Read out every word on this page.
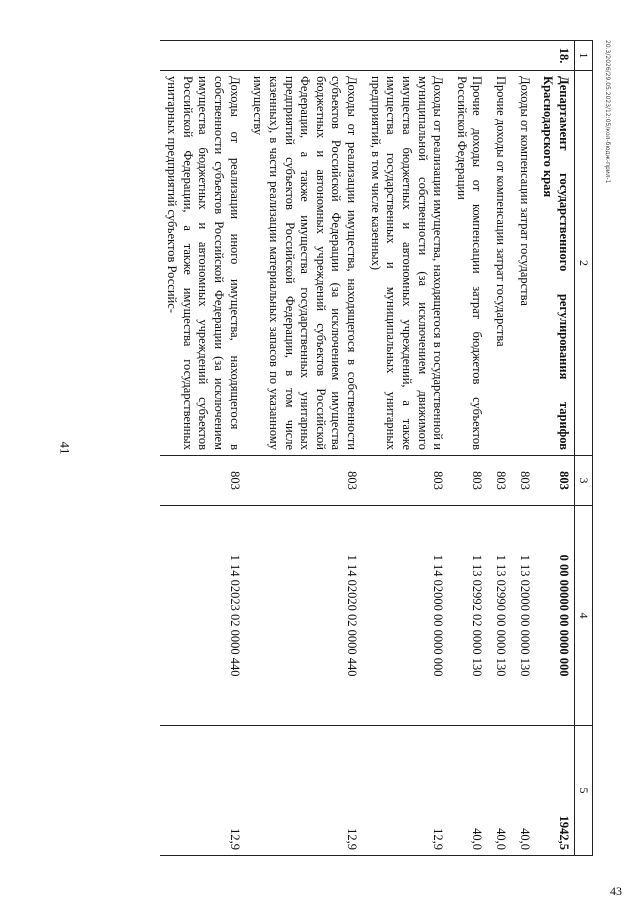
41
20.3/2026/29.05.2023/12:05/кол-бюдж-прил-1
1	2	3	4	5
18.	Департамент государственного регулирования тарифов Краснодарского края	803	0 00 00000 00 0000 000	1942,5
	Доходы от компенсации затрат государства	803	1 13 02000 00 0000 130	40,0
	Прочие доходы от компенсации затрат государства	803	1 13 02990 00 0000 130	40,0
	Прочие доходы от компенсации затрат бюджетов субъектов Российской Федерации	803	1 13 02992 02 0000 130	40,0
	Доходы от реализации имущества, находящегося в государственной и муниципальной собственности (за исключением движимого имущества бюджетных и автономных учреждений, а также имущества государственных и муниципальных унитарных предприятий, в том числе казенных)	803	1 14 02000 00 0000 000	12,9
	Доходы от реализации имущества, находящегося в собственности субъектов Российской Федерации (за исключением имущества бюджетных и автономных учреждений субъектов Российской Федерации, а также имущества государственных унитарных предприятий субъектов Российской Федерации, в том числе казенных), в части реализации материальных запасов по указанному имуществу	803	1 14 02020 02 0000 440	12,9
	Доходы от реализации иного имущества, находящегося в собственности субъектов Российской Федерации (за исключением имущества бюджетных и автономных учреждений субъектов Российской Федерации, а также имущества государственных унитарных предприятий субъектов Российс-	803	1 14 02023 02 0000 440	12,9
43
